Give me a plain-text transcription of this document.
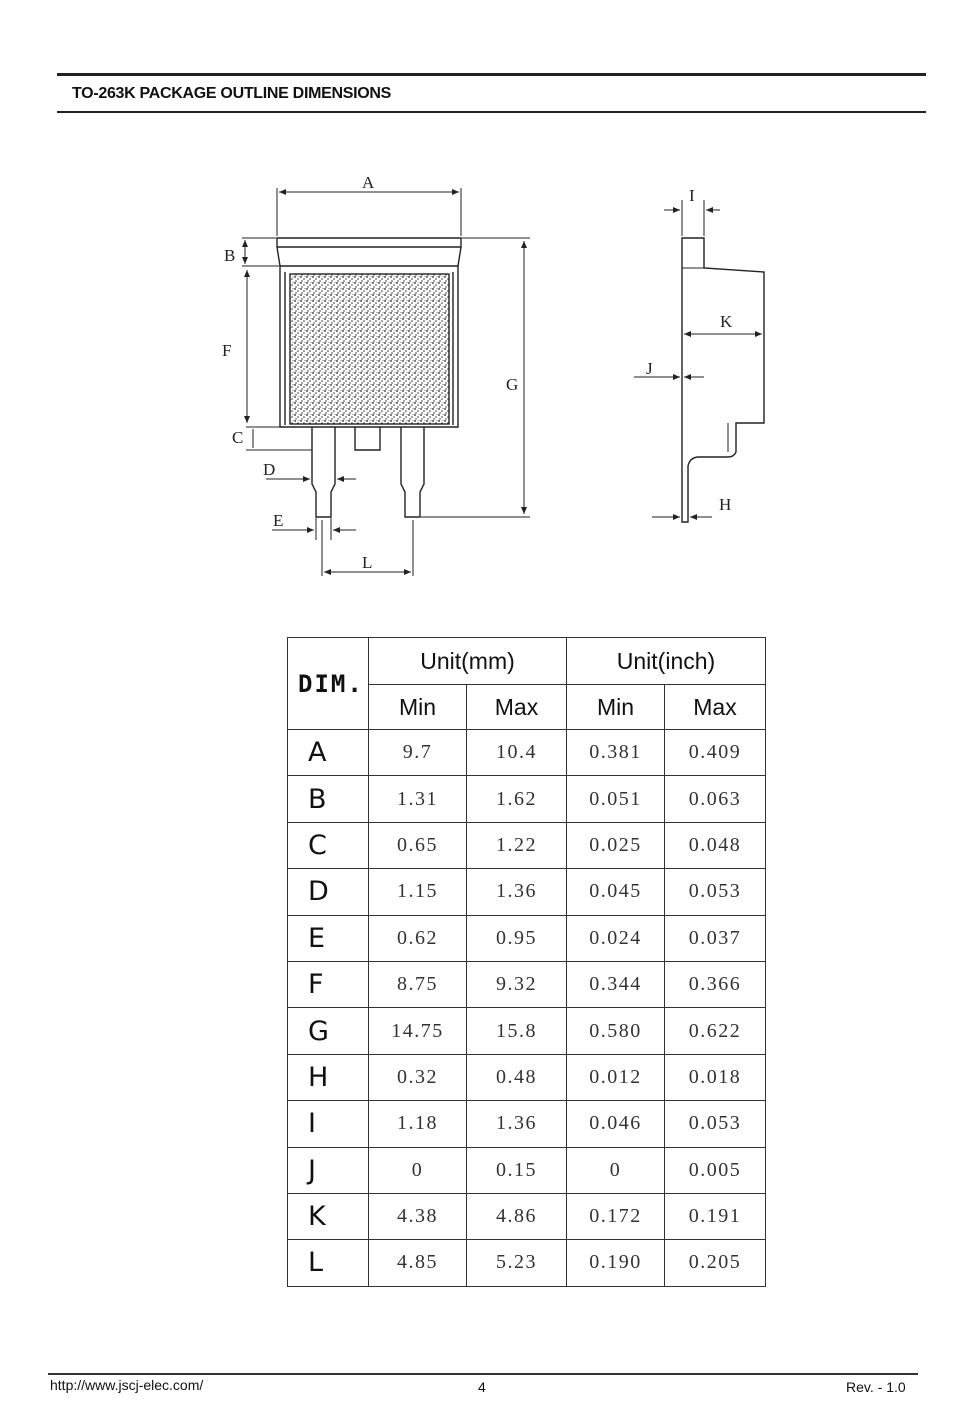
TO-263K PACKAGE OUTLINE DIMENSIONS
A
B
F
C
G
D
E
L
I
K
J
H
DIM.	Unit(mm)		Unit(inch)	
	Min	Max	Min	Max
A	9.7	10.4	0.381	0.409
B	1.31	1.62	0.051	0.063
C	0.65	1.22	0.025	0.048
D	1.15	1.36	0.045	0.053
E	0.62	0.95	0.024	0.037
F	8.75	9.32	0.344	0.366
G	14.75	15.8	0.580	0.622
H	0.32	0.48	0.012	0.018
I	1.18	1.36	0.046	0.053
J	0	0.15	0	0.005
K	4.38	4.86	0.172	0.191
L	4.85	5.23	0.190	0.205
http://www.jscj-elec.com/	4	Rev. - 1.0
